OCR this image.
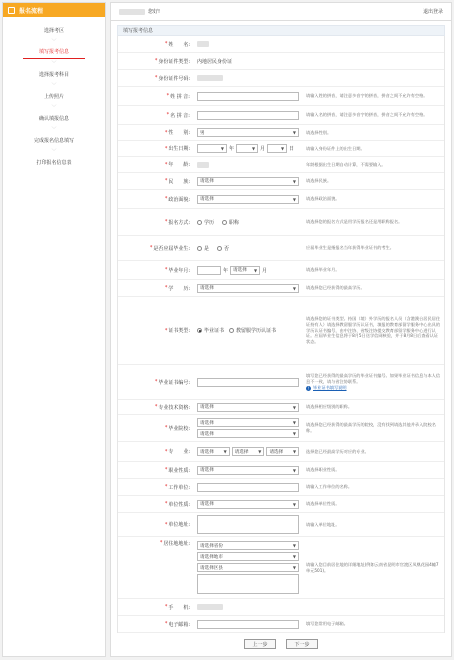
报名流程
选择考区
﹀
填写报考信息
﹀
选择报考科目
﹀
上传照片
﹀
确认填报信息
﹀
完成报名信息填写
﹀
打印报名信息表
您好!	退出登录
填写报考信息
* 姓　　名:
* 身份证件类型: 内地居民身份证
* 身份证件号码:
* 姓 拼 音:	请输入姓的拼音，请注意多音字的拼音，拼音之间不允许有空格。
* 名 拼 音:	请输入名的拼音，请注意多音字的拼音，拼音之间不允许有空格。
* 性　　别: 男	▼	请选择性别。
* 出生日期:	▼ 年	▼ 月	▼ 日	请输入身份证件上的出生日期。
* 年　　龄:	年龄根据出生日期自动计算，不需要输入。
* 民　　族: 请选择	▼	请选择民族。
* 政治面貌: 请选择	▼	请选择政治面貌。
* 报名方式:	学历	职称	请选择您的报名方式是用学历报名还是用职称报名。
* 是否应届毕业生:	是	否	应届毕业生是指报名当年获得毕业证书的考生。
* 毕业年月:	年 请选择 ▼ 月	请选择毕业年月。
* 学　　历: 请选择	▼	请选择您已经获得的最高学历。
* 证书类型:	毕业证书 教留服学历认证书
请选择您的证书类型。持国（境）外学历的报名人员（含港澳台居民居住证持有人）请选择教留服学历认证书，填报的教育部留学服务中心出具的学历认证书编号，由中注协、省级注协提交教育部留学服务中心进行认证。应届毕业生信息将于8月5日送学信网核验，并于8月8日后查看认证状态。
* 毕业证书编号:
填写您已经获得的最高学历的毕业证书编号。如果毕业证书信息与本人信息不一致，请与省注协联系。
! 毕业证书填写说明
* 专业技术资格: 请选择	▼	请选择相应级别的职称。
* 毕业院校:
请选择	▼
请选择	▼
请选择您已经获得的最高学历的院校，没有找到请选其他并录入院校名称。
* 专　　业: 请选择 ▼ 请选择 ▼ 请选择 ▼	选择您已经最高学历对应的专业。
* 职业性质: 请选择	▼	请选择职业性质。
* 工作单位:	请输入工作单位的名称。
* 单位性质: 请选择	▼	请选择单位性质。
* 单位地址:	请输入单位地址。
* 居住地地址: 请选择省份	▼
请选择地市	▼
请选择区县	▼
请输入您目前居住地的详细地址(例如云南省昆明市官渡区凤凰花园4幢7单元501)。
* 手　　机:
* 电子邮箱:	填写您常用电子邮箱。
上一步	下一步
